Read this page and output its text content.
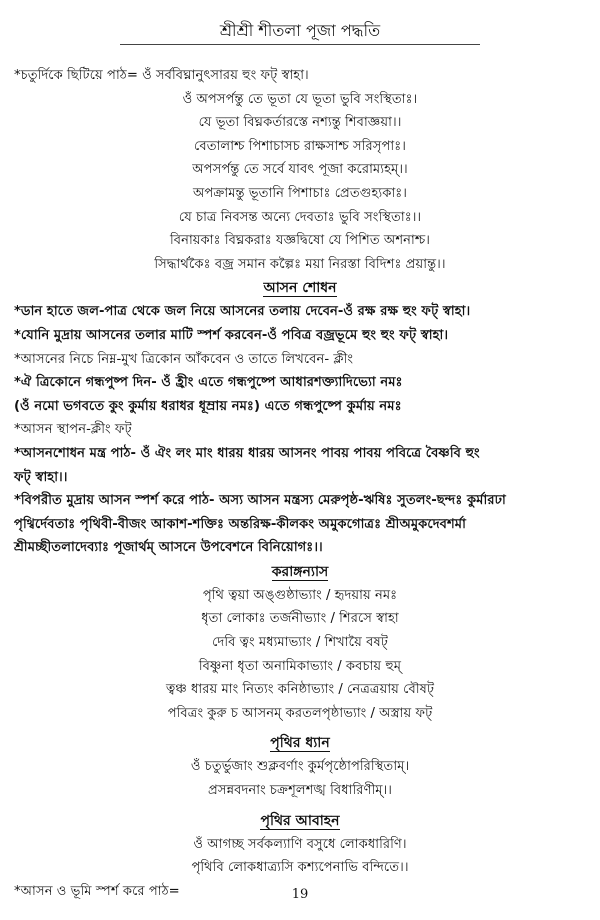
শ্রীশ্রী শীতলা পূজা পদ্ধতি
*চতুর্দিকে ছিটিয়ে পাঠ= ওঁ সর্ববিঘ্নানুৎসারয় হুং ফট্ স্বাহা।
ওঁ অপসর্পন্তু তে ভূতা যে ভূতা ভুবি সংস্থিতাঃ।
যে ভূতা বিঘ্নকর্তারস্তে নশ্যন্তু শিবাজ্ঞয়া।।
বেতালাশ্চ পিশাচাসচ রাক্ষসাশ্চ সরিসৃপাঃ।
অপসর্পন্তু তে সর্বে যাবৎ পূজা করোম্যহম্।।
অপক্রামন্তু ভূতানি পিশাচাঃ প্রেতগুহ্যকাঃ।
যে চাত্র নিবসন্ত অন্যে দেবতাঃ ভুবি সংস্থিতাঃ।।
বিনায়কাঃ বিঘ্নকরাঃ যজ্ঞদ্বিষো যে পিশিত অশনাশ্চ।
সিদ্ধার্থকৈঃ বজ্র সমান কল্পৈঃ ময়া নিরস্তা বিদিশঃ প্রয়ান্তু।।
আসন শোধন
*ডান হাতে জল-পাত্র থেকে জল নিয়ে আসনের তলায় দেবেন-ওঁ রক্ষ রক্ষ হুং ফট্ স্বাহা।
*যোনি মুদ্রায় আসনের তলার মাটি স্পর্শ করবেন-ওঁ পবিত্র বজ্রভূমে হুং হুং ফট্ স্বাহা।
*আসনের নিচে নিম্ন-মুখ ত্রিকোন আঁকবেন ও তাতে লিখবেন- ক্লীং
*ঐ ত্রিকোনে গন্ধপুষ্প দিন- ওঁ হ্রীং এতে গন্ধপুষ্পে আধারশক্ত্যাদিভ্যো নমঃ
(ওঁ নমো ভগবতে কুং কুর্মায় ধরাধর ধূম্রায় নমঃ) এতে গন্ধপুষ্পে কুর্মায় নমঃ
*আসন স্থাপন-ক্লীং ফট্
*আসনশোধন মন্ত্র পাঠ- ওঁ ঐং লং মাং ধারয় ধারয় আসনং পাবয় পাবয় পবিত্রে বৈষ্ণবি হুং
ফট্ স্বাহা।।
*বিপরীত মুদ্রায় আসন স্পর্শ করে পাঠ- অস্য আসন মন্ত্রস্য মেরুপৃষ্ঠ-ঋষিঃ সুতলং-ছন্দঃ কুর্মারঢা
পৃথ্বির্দেবতাঃ পৃথিবী-বীজং আকাশ-শক্তিঃ অন্তরিক্ষ-কীলকং অমুকগোত্রঃ শ্রীঅমুকদেবশর্মা
শ্রীমচ্ছীতলাদেব্যাঃ পূজার্থম্ আসনে উপবেশনে বিনিয়োগঃ।।
করাঙ্গন্যাস
পৃথি ত্বয়া অঙ্গুষ্ঠাভ্যাং / হৃদয়ায় নমঃ
ধৃতা লোকাঃ তর্জনীভ্যাং / শিরসে স্বাহা
দেবি ত্বং মধ্যমাভ্যাং / শিখায়ৈ বষট্
বিষ্ণুনা ধৃতা অনামিকাভ্যাং / কবচায় হুম্
ত্বঞ্চ ধারয় মাং নিত্যং কনিষ্ঠাভ্যাং / নেত্রত্রয়ায় বৌষট্
পবিত্রং কুরু চ আসনম্ করতলপৃষ্ঠাভ্যাং / অস্ত্রায় ফট্
পৃথির ধ্যান
ওঁ চতুর্ভুজাং শুক্লবর্ণাং কুর্মপৃষ্ঠোপরিস্থিতাম্।
প্রসন্নবদনাং চক্রশূলশঙ্খ বিধারিণীম্।।
পৃথির আবাহন
ওঁ আগচ্ছ সর্বকল্যাণি বসুধে লোকধারিণি।
পৃথিবি লোকধাত্র্যসি কশ্যপেনাভি বন্দিতে।।
*আসন ও ভূমি স্পর্শ করে পাঠ=	19
